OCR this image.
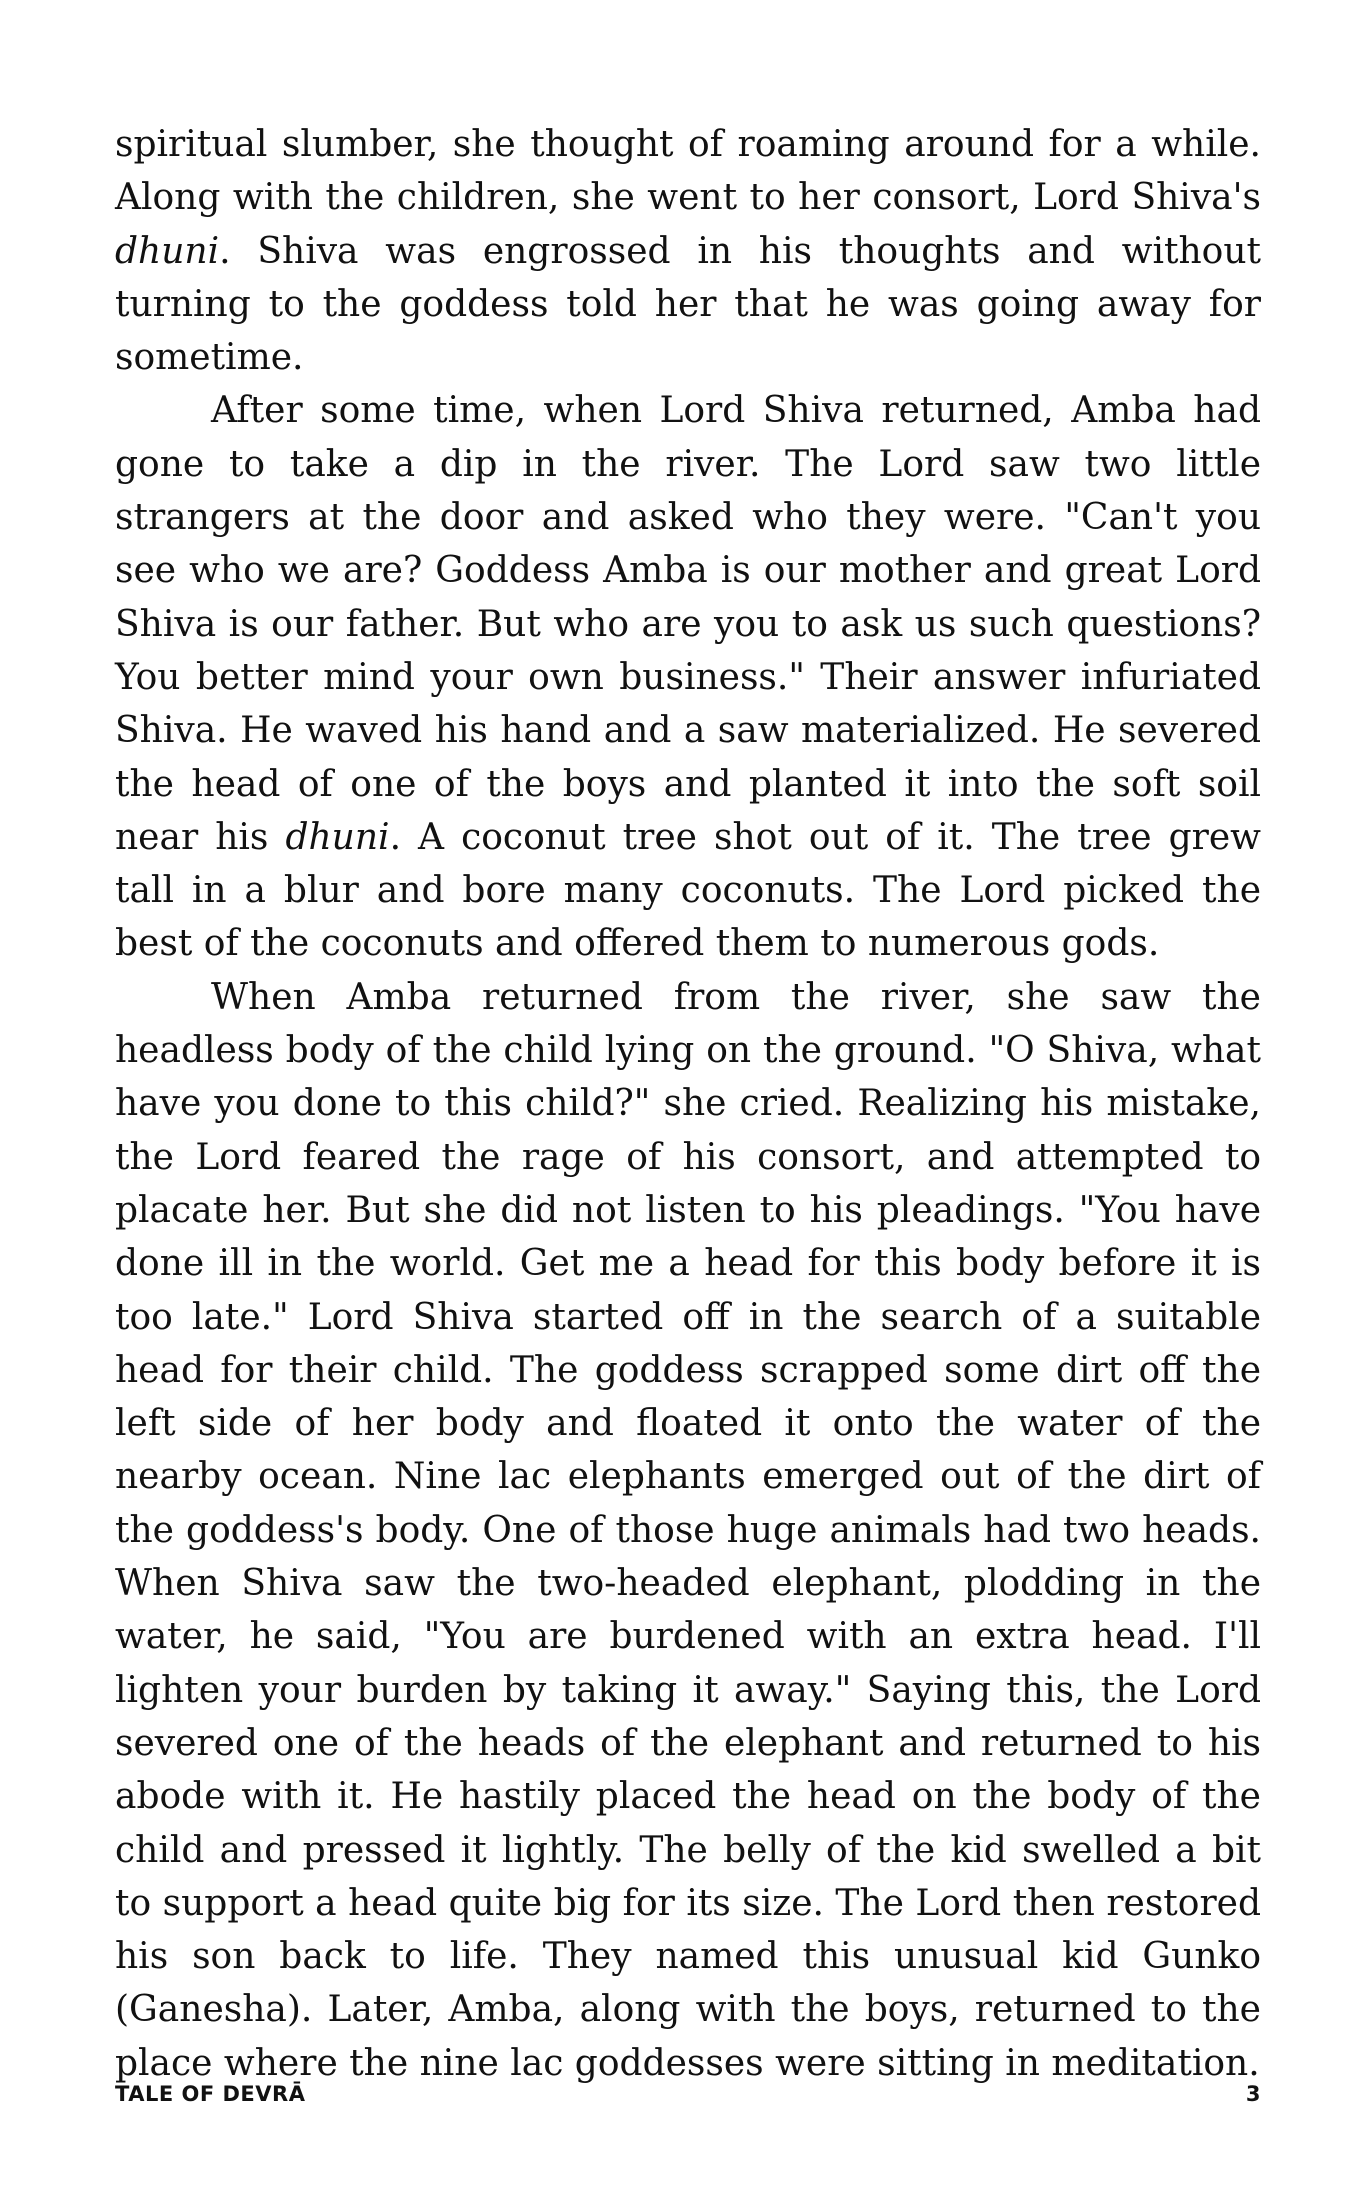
spiritual slumber, she thought of roaming around for a while. Along with the children, she went to her consort, Lord Shiva's dhuni. Shiva was engrossed in his thoughts and without turning to the goddess told her that he was going away for sometime.

After some time, when Lord Shiva returned, Amba had gone to take a dip in the river. The Lord saw two little strangers at the door and asked who they were. "Can't you see who we are? Goddess Amba is our mother and great Lord Shiva is our father. But who are you to ask us such questions? You better mind your own business." Their answer infuriated Shiva. He waved his hand and a saw materialized. He severed the head of one of the boys and planted it into the soft soil near his dhuni. A coconut tree shot out of it. The tree grew tall in a blur and bore many coconuts. The Lord picked the best of the coconuts and offered them to numerous gods.

When Amba returned from the river, she saw the headless body of the child lying on the ground. "O Shiva, what have you done to this child?" she cried. Realizing his mistake, the Lord feared the rage of his consort, and attempted to placate her. But she did not listen to his pleadings. "You have done ill in the world. Get me a head for this body before it is too late." Lord Shiva started off in the search of a suitable head for their child. The goddess scrapped some dirt off the left side of her body and floated it onto the water of the nearby ocean. Nine lac elephants emerged out of the dirt of the goddess's body. One of those huge animals had two heads. When Shiva saw the two-headed elephant, plodding in the water, he said, "You are burdened with an extra head. I'll lighten your burden by taking it away." Saying this, the Lord severed one of the heads of the elephant and returned to his abode with it. He hastily placed the head on the body of the child and pressed it lightly. The belly of the kid swelled a bit to support a head quite big for its size. The Lord then restored his son back to life. They named this unusual kid Gunko (Ganesha). Later, Amba, along with the boys, returned to the place where the nine lac goddesses were sitting in meditation.

TALE OF DEVRĀ	3
